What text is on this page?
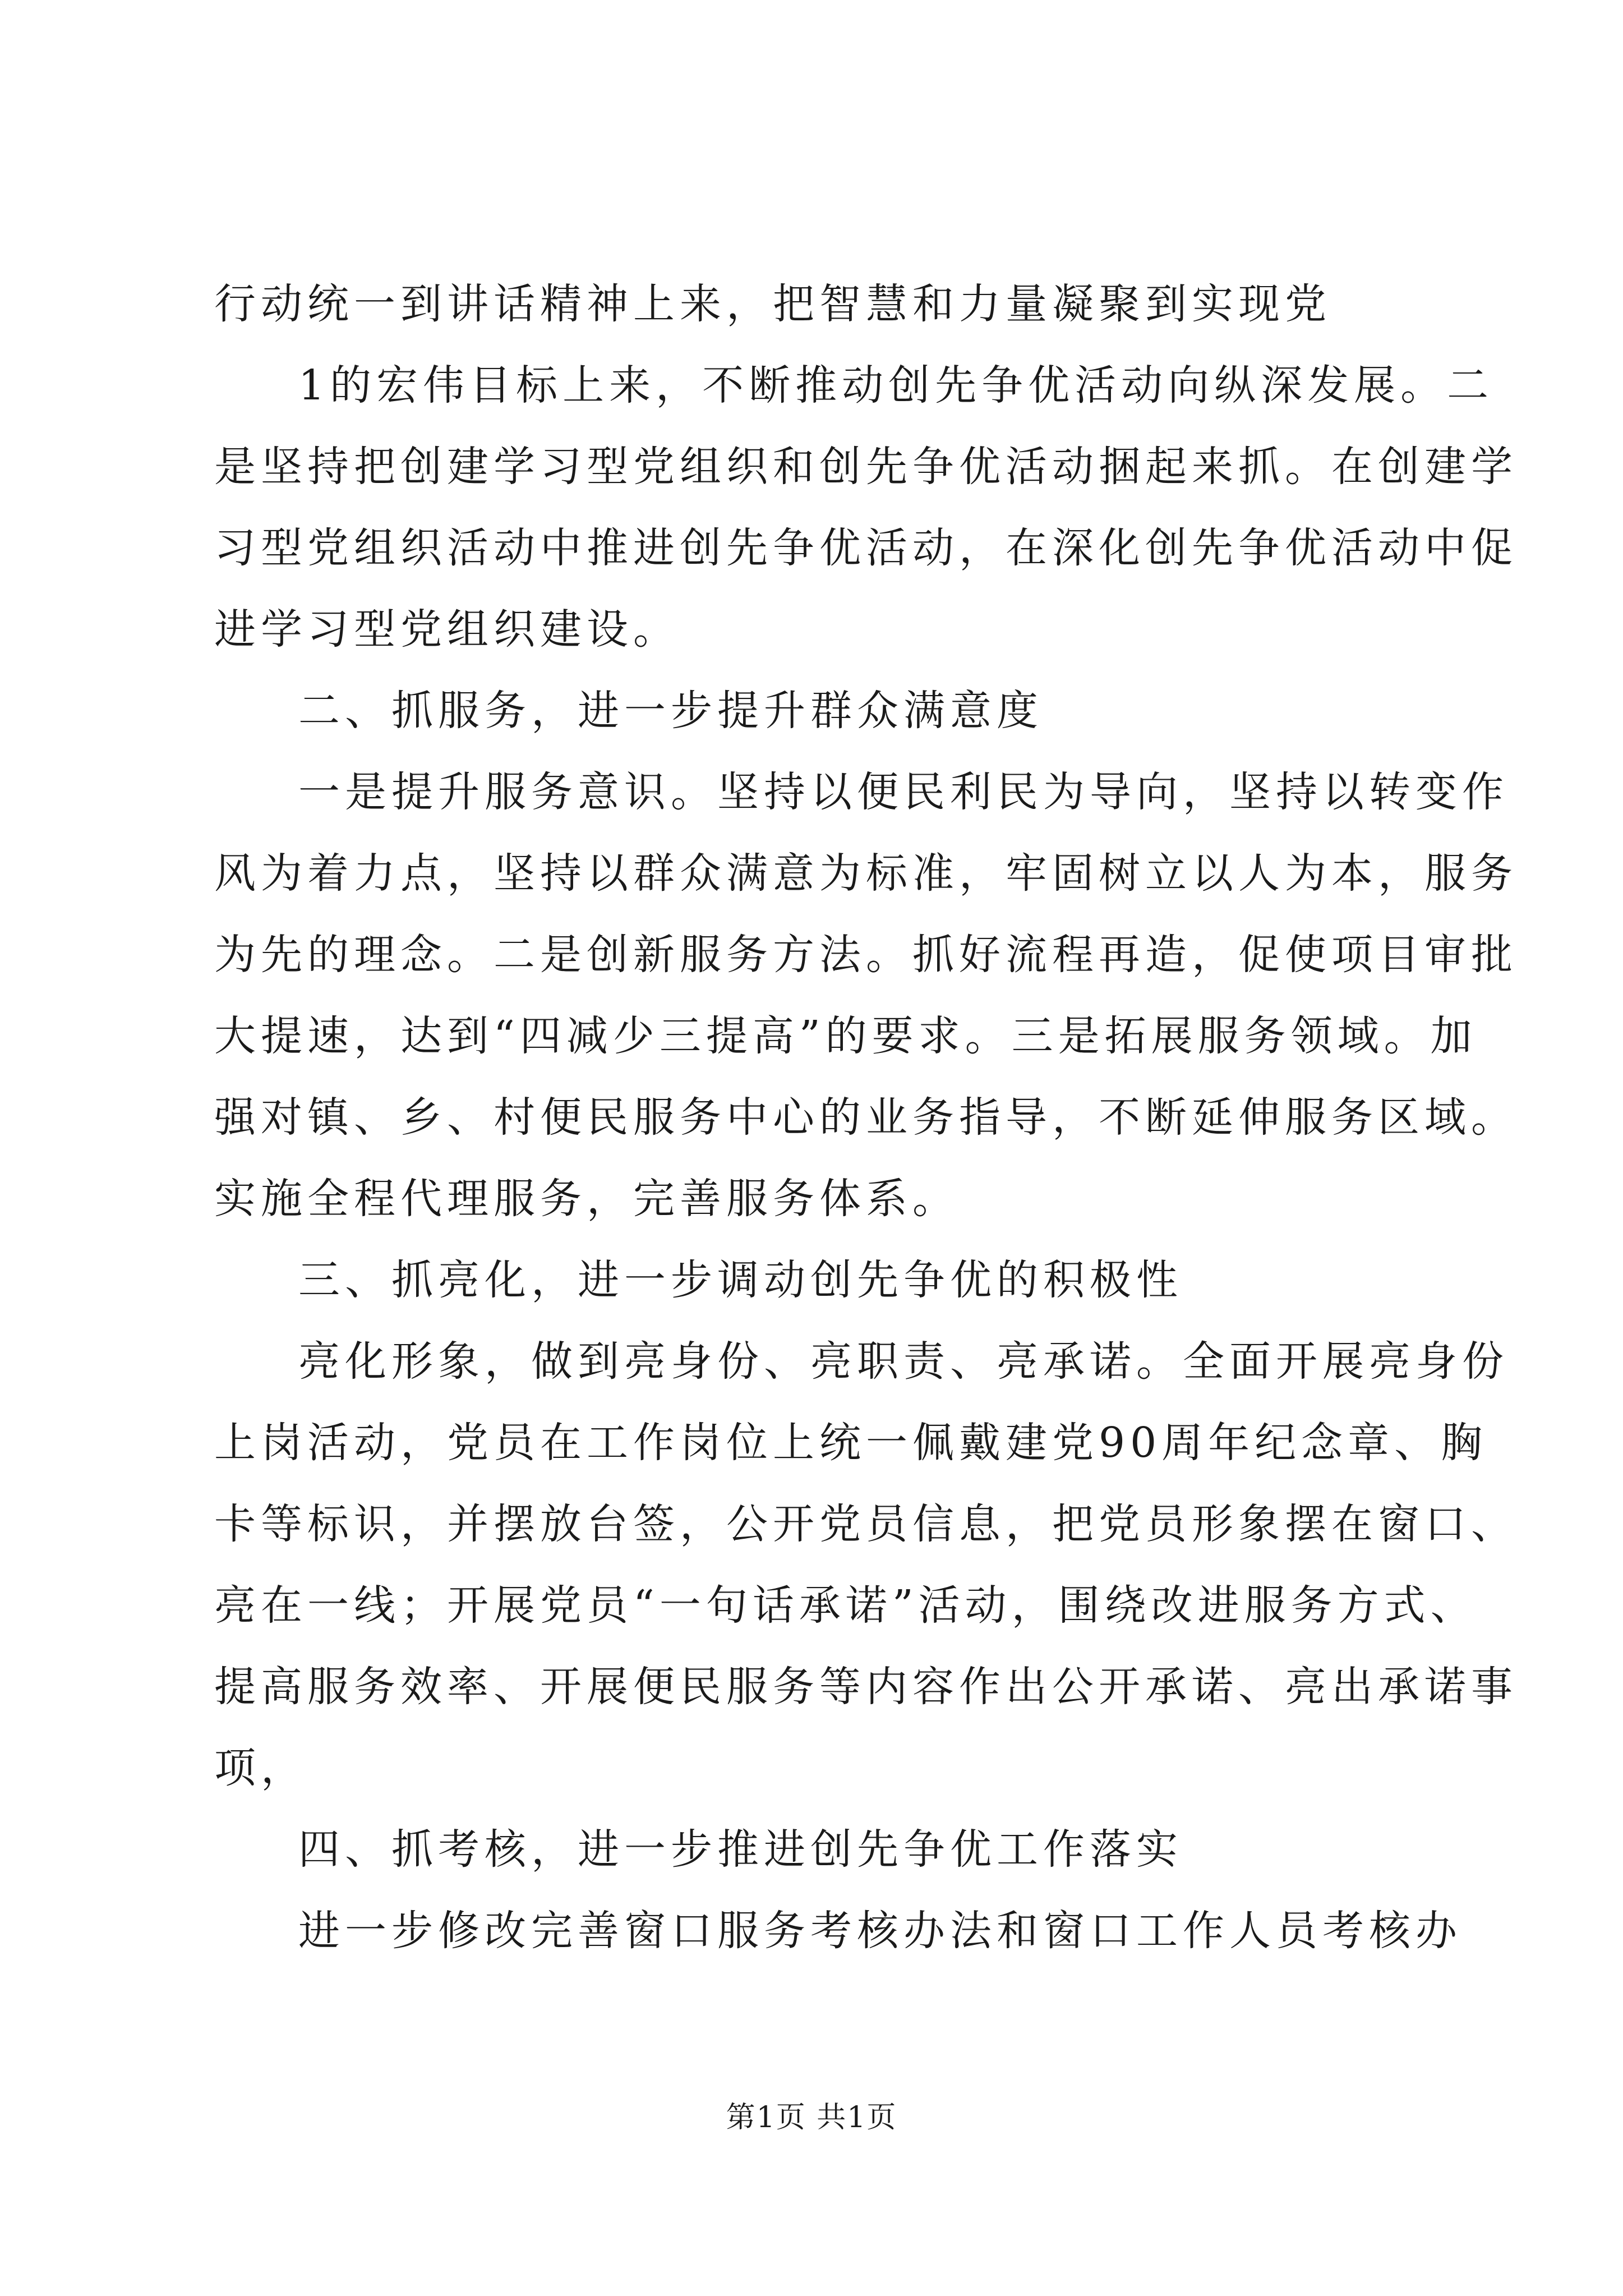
行动统一到讲话精神上来，把智慧和力量凝聚到实现党
1的宏伟目标上来，不断推动创先争优活动向纵深发展。二
是坚持把创建学习型党组织和创先争优活动捆起来抓。在创建学
习型党组织活动中推进创先争优活动，在深化创先争优活动中促
进学习型党组织建设。
二、抓服务，进一步提升群众满意度
一是提升服务意识。坚持以便民利民为导向，坚持以转变作
风为着力点，坚持以群众满意为标准，牢固树立以人为本，服务
为先的理念。二是创新服务方法。抓好流程再造，促使项目审批
大提速，达到“四减少三提高”的要求。三是拓展服务领域。加
强对镇、乡、村便民服务中心的业务指导，不断延伸服务区域。
实施全程代理服务，完善服务体系。
三、抓亮化，进一步调动创先争优的积极性
亮化形象，做到亮身份、亮职责、亮承诺。全面开展亮身份
上岗活动，党员在工作岗位上统一佩戴建党90周年纪念章、胸
卡等标识，并摆放台签，公开党员信息，把党员形象摆在窗口、
亮在一线；开展党员“一句话承诺”活动，围绕改进服务方式、
提高服务效率、开展便民服务等内容作出公开承诺、亮出承诺事
项，
四、抓考核，进一步推进创先争优工作落实
进一步修改完善窗口服务考核办法和窗口工作人员考核办
第1页 共1页
